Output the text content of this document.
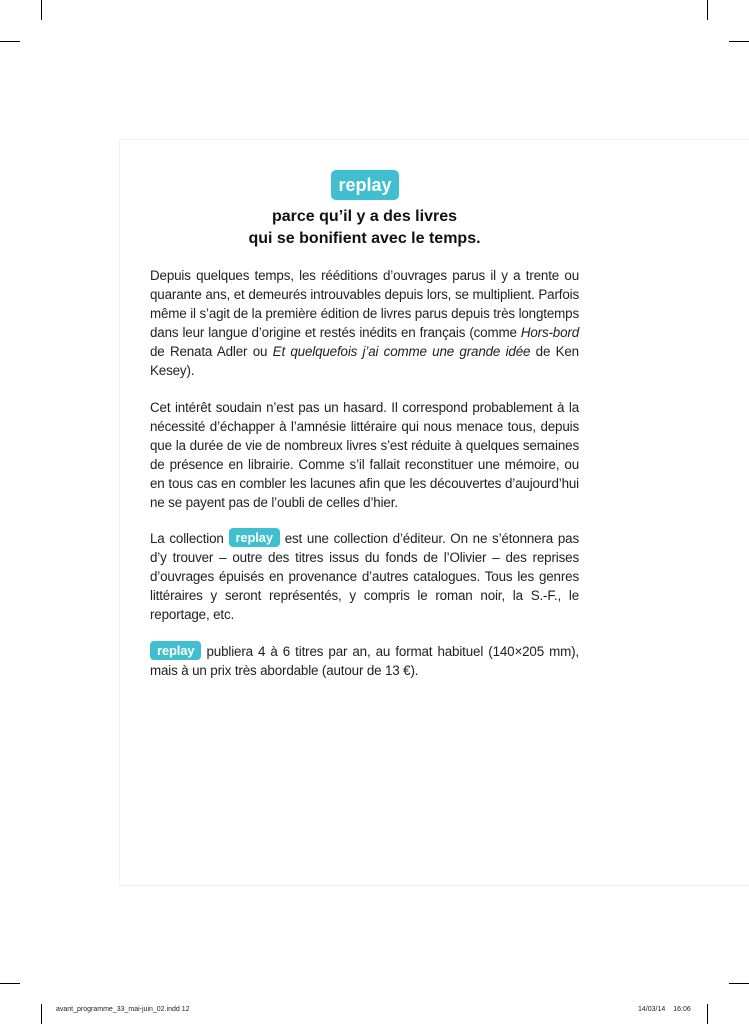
replay
parce qu’il y a des livres
qui se bonifient avec le temps.
Depuis quelques temps, les rééditions d’ouvrages parus il y a trente ou quarante ans, et demeurés introuvables depuis lors, se multiplient. Parfois même il s’agit de la première édition de livres parus depuis très longtemps dans leur langue d’origine et restés inédits en français (comme Hors-bord de Renata Adler ou Et quelquefois j’ai comme une grande idée de Ken Kesey).
Cet intérêt soudain n’est pas un hasard. Il correspond probablement à la nécessité d’échapper à l’amnésie littéraire qui nous menace tous, depuis que la durée de vie de nombreux livres s’est réduite à quelques semaines de présence en librairie. Comme s’il fallait reconstituer une mémoire, ou en tous cas en combler les lacunes afin que les découvertes d’aujourd’hui ne se payent pas de l’oubli de celles d’hier.
La collection replay est une collection d’éditeur. On ne s’étonnera pas d’y trouver – outre des titres issus du fonds de l’Olivier – des reprises d’ouvrages épuisés en provenance d’autres catalogues. Tous les genres littéraires y seront représentés, y compris le roman noir, la S.-F., le reportage, etc.
replay publiera 4 à 6 titres par an, au format habituel (140×205 mm), mais à un prix très abordable (autour de 13 €).
avant_programme_33_mai-juin_02.indd 12	14/03/14 16:06
